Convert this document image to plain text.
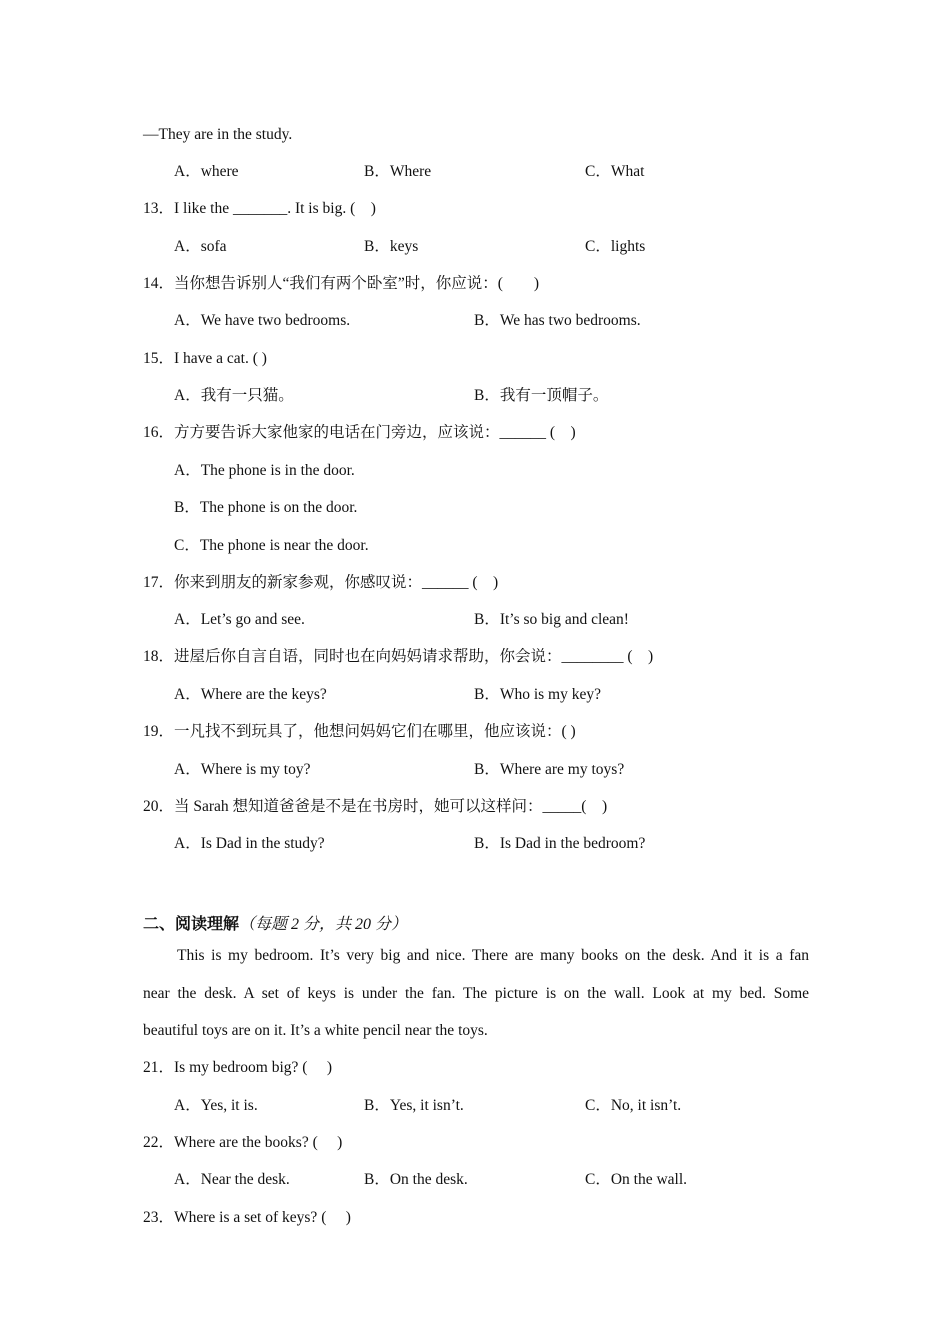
—They are in the study.
A．where	B．Where	C．What
13．I like the _______. It is big. (　)
A．sofa	B．keys	C．lights
14．当你想告诉别人“我们有两个卧室”时，你应说：(　　)
A．We have two bedrooms.	B．We has two bedrooms.
15．I have a cat. ( )
A．我有一只猫。	B．我有一顶帽子。
16．方方要告诉大家他家的电话在门旁边，应该说：______ (　)
A．The phone is in the door.
B．The phone is on the door.
C．The phone is near the door.
17．你来到朋友的新家参观，你感叹说：______ (　)
A．Let’s go and see.	B．It’s so big and clean!
18．进屋后你自言自语，同时也在向妈妈请求帮助，你会说：________ (　)
A．Where are the keys?	B．Who is my key?
19．一凡找不到玩具了，他想问妈妈它们在哪里，他应该说：( )
A．Where is my toy?	B．Where are my toys?
20．当 Sarah 想知道爸爸是不是在书房时，她可以这样问：_____(　)
A．Is Dad in the study?	B．Is Dad in the bedroom?
二、阅读理解（每题 2 分，共 20 分）
This is my bedroom. It’s very big and nice. There are many books on the desk. And it is a fan
near the desk. A set of keys is under the fan. The picture is on the wall. Look at my bed. Some
beautiful toys are on it. It’s a white pencil near the toys.
21．Is my bedroom big? (　 )
A．Yes, it is.	B．Yes, it isn’t.	C．No, it isn’t.
22．Where are the books? (　 )
A．Near the desk.	B．On the desk.	C．On the wall.
23．Where is a set of keys? (　 )
